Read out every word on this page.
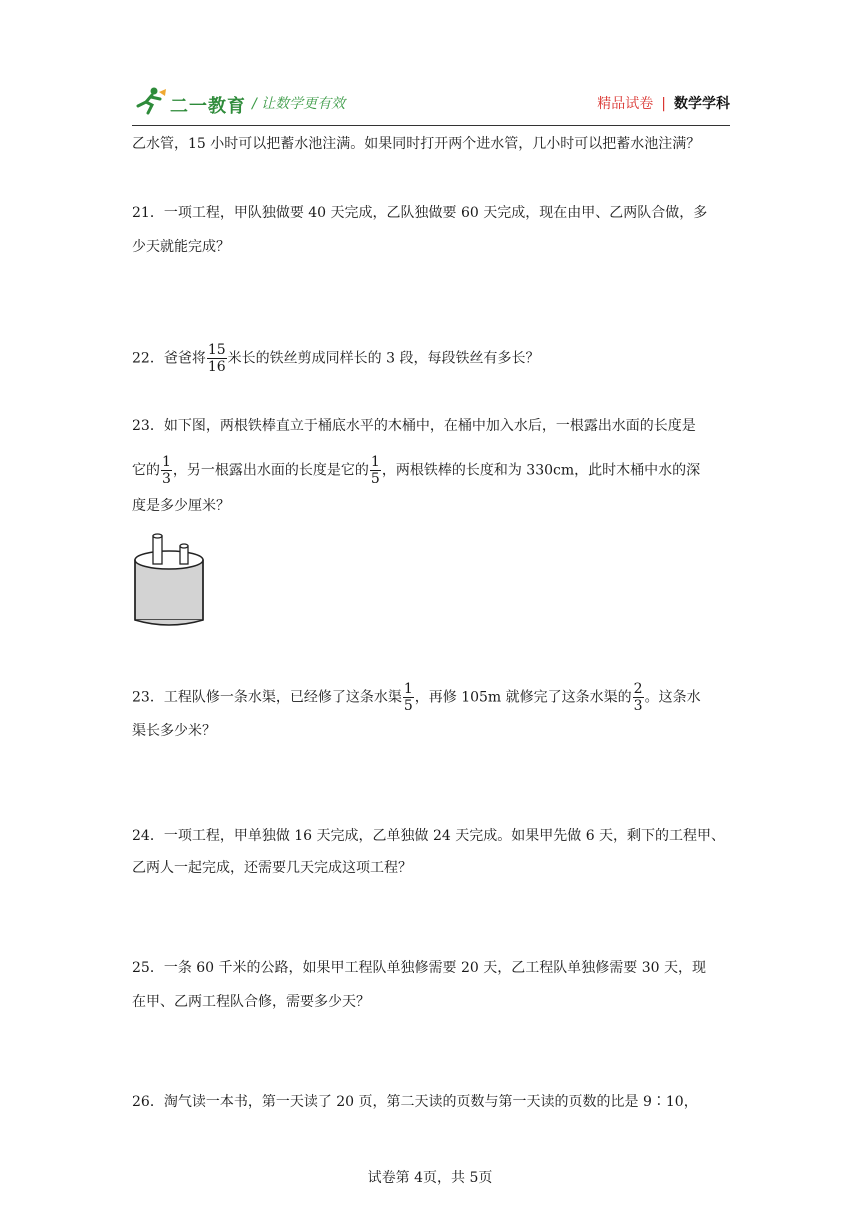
二一教育 / 让数学更有效	精品试卷 | 数学学科
乙水管，15 小时可以把蓄水池注满。如果同时打开两个进水管，几小时可以把蓄水池注满？
21．一项工程，甲队独做要 40 天完成，乙队独做要 60 天完成，现在由甲、乙两队合做，多
少天就能完成？
22．爸爸将 $\frac{15}{16}$ 米长的铁丝剪成同样长的 3 段，每段铁丝有多长？
23．如下图，两根铁棒直立于桶底水平的木桶中，在桶中加入水后，一根露出水面的长度是
它的 $\frac{1}{3}$ ，另一根露出水面的长度是它的 $\frac{1}{5}$ ，两根铁棒的长度和为 330cm，此时木桶中水的深
度是多少厘米？
23．工程队修一条水渠，已经修了这条水渠 $\frac{1}{5}$ ，再修 105m 就修完了这条水渠的 $\frac{2}{3}$ 。这条水
渠长多少米？
24．一项工程，甲单独做 16 天完成，乙单独做 24 天完成。如果甲先做 6 天，剩下的工程甲、
乙两人一起完成，还需要几天完成这项工程？
25．一条 60 千米的公路，如果甲工程队单独修需要 20 天，乙工程队单独修需要 30 天，现
在甲、乙两工程队合修，需要多少天？
26．淘气读一本书，第一天读了 20 页，第二天读的页数与第一天读的页数的比是 9∶10，
试卷第 4页，共 5页
